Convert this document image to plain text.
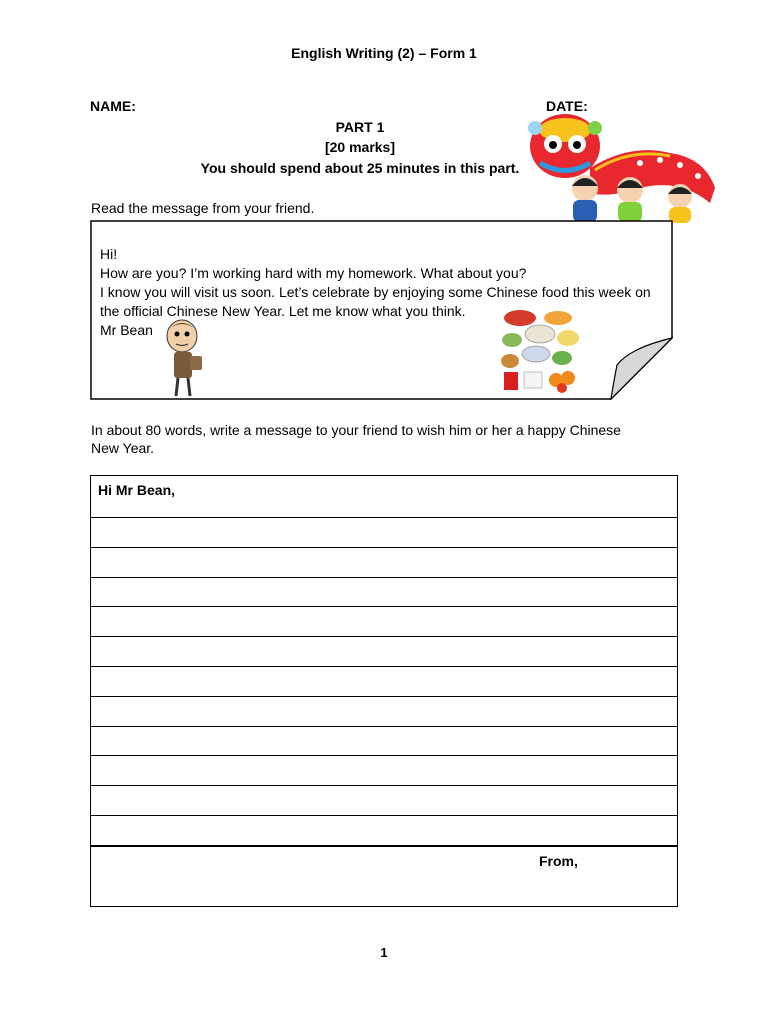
English Writing (2) – Form 1
NAME:	DATE:
PART 1
[20 marks]
You should spend about 25 minutes in this part.
Read the message from your friend.
Hi!
How are you? I’m working hard with my homework. What about you?
I know you will visit us soon. Let’s celebrate by enjoying some Chinese food this week on
the official Chinese New Year. Let me know what you think.
Mr Bean
In about 80 words, write a message to your friend to wish him or her a happy Chinese
New Year.
Hi Mr Bean,
From,
1
